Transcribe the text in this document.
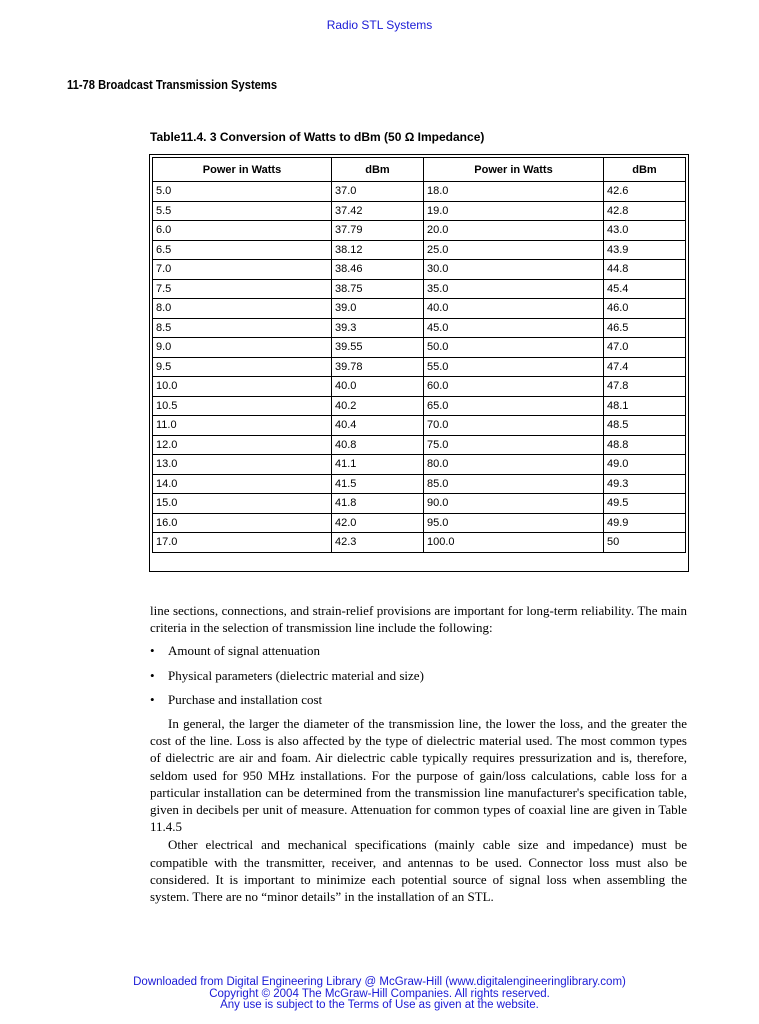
Radio STL Systems
11-78 Broadcast Transmission Systems
Table11.4. 3 Conversion of Watts to dBm (50 Ω Impedance)
Power in Watts	dBm	Power in Watts	dBm
5.0	37.0	18.0	42.6
5.5	37.42	19.0	42.8
6.0	37.79	20.0	43.0
6.5	38.12	25.0	43.9
7.0	38.46	30.0	44.8
7.5	38.75	35.0	45.4
8.0	39.0	40.0	46.0
8.5	39.3	45.0	46.5
9.0	39.55	50.0	47.0
9.5	39.78	55.0	47.4
10.0	40.0	60.0	47.8
10.5	40.2	65.0	48.1
11.0	40.4	70.0	48.5
12.0	40.8	75.0	48.8
13.0	41.1	80.0	49.0
14.0	41.5	85.0	49.3
15.0	41.8	90.0	49.5
16.0	42.0	95.0	49.9
17.0	42.3	100.0	50

line sections, connections, and strain-relief provisions are important for long-term reliability. The main criteria in the selection of transmission line include the following:

• Amount of signal attenuation
• Physical parameters (dielectric material and size)
• Purchase and installation cost

In general, the larger the diameter of the transmission line, the lower the loss, and the greater the cost of the line. Loss is also affected by the type of dielectric material used. The most common types of dielectric are air and foam. Air dielectric cable typically requires pressurization and is, therefore, seldom used for 950 MHz installations. For the purpose of gain/loss calculations, cable loss for a particular installation can be determined from the transmission line manufacturer's specification table, given in decibels per unit of measure. Attenuation for common types of coaxial line are given in Table 11.4.5

Other electrical and mechanical specifications (mainly cable size and impedance) must be compatible with the transmitter, receiver, and antennas to be used. Connector loss must also be considered. It is important to minimize each potential source of signal loss when assembling the system. There are no “minor details” in the installation of an STL.

Downloaded from Digital Engineering Library @ McGraw-Hill (www.digitalengineeringlibrary.com)
Copyright © 2004 The McGraw-Hill Companies. All rights reserved.
Any use is subject to the Terms of Use as given at the website.
